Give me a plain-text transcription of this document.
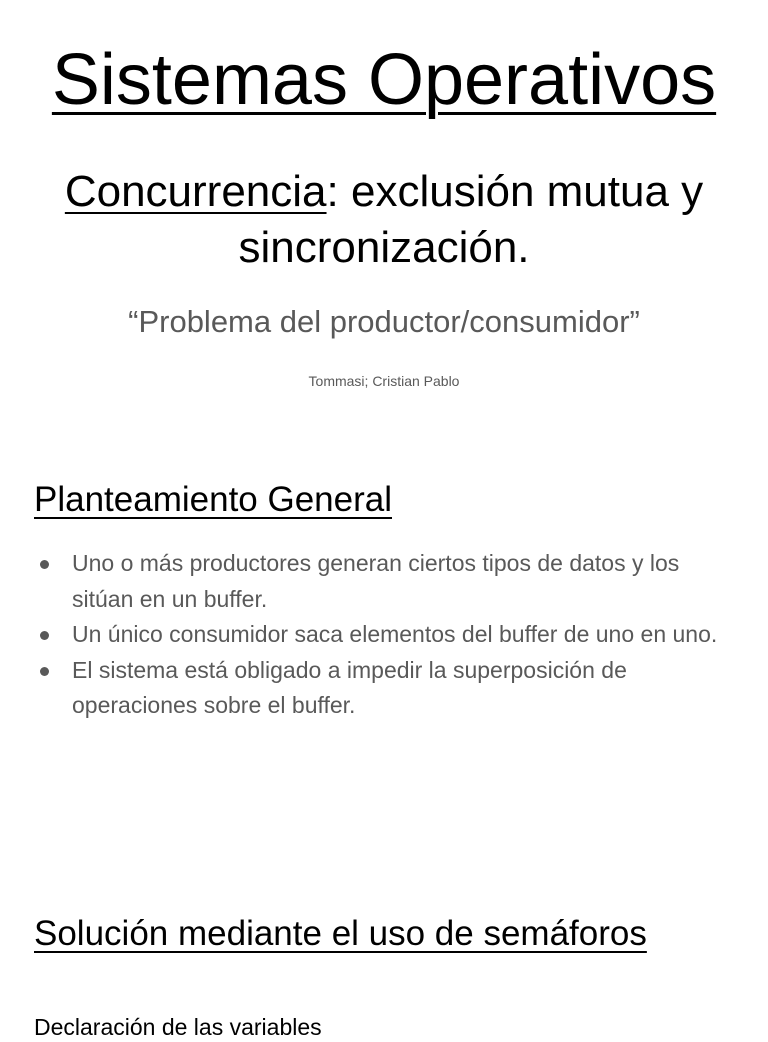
Sistemas Operativos
Concurrencia: exclusión mutua y
sincronización.

“Problema del productor/consumidor”

Tommasi; Cristian Pablo

Planteamiento General
Uno o más productores generan ciertos tipos de datos y los sitúan en un buffer.
Un único consumidor saca elementos del buffer de uno en uno.
El sistema está obligado a impedir la superposición de operaciones sobre el buffer.
Solución mediante el uso de semáforos

Declaración de las variables
